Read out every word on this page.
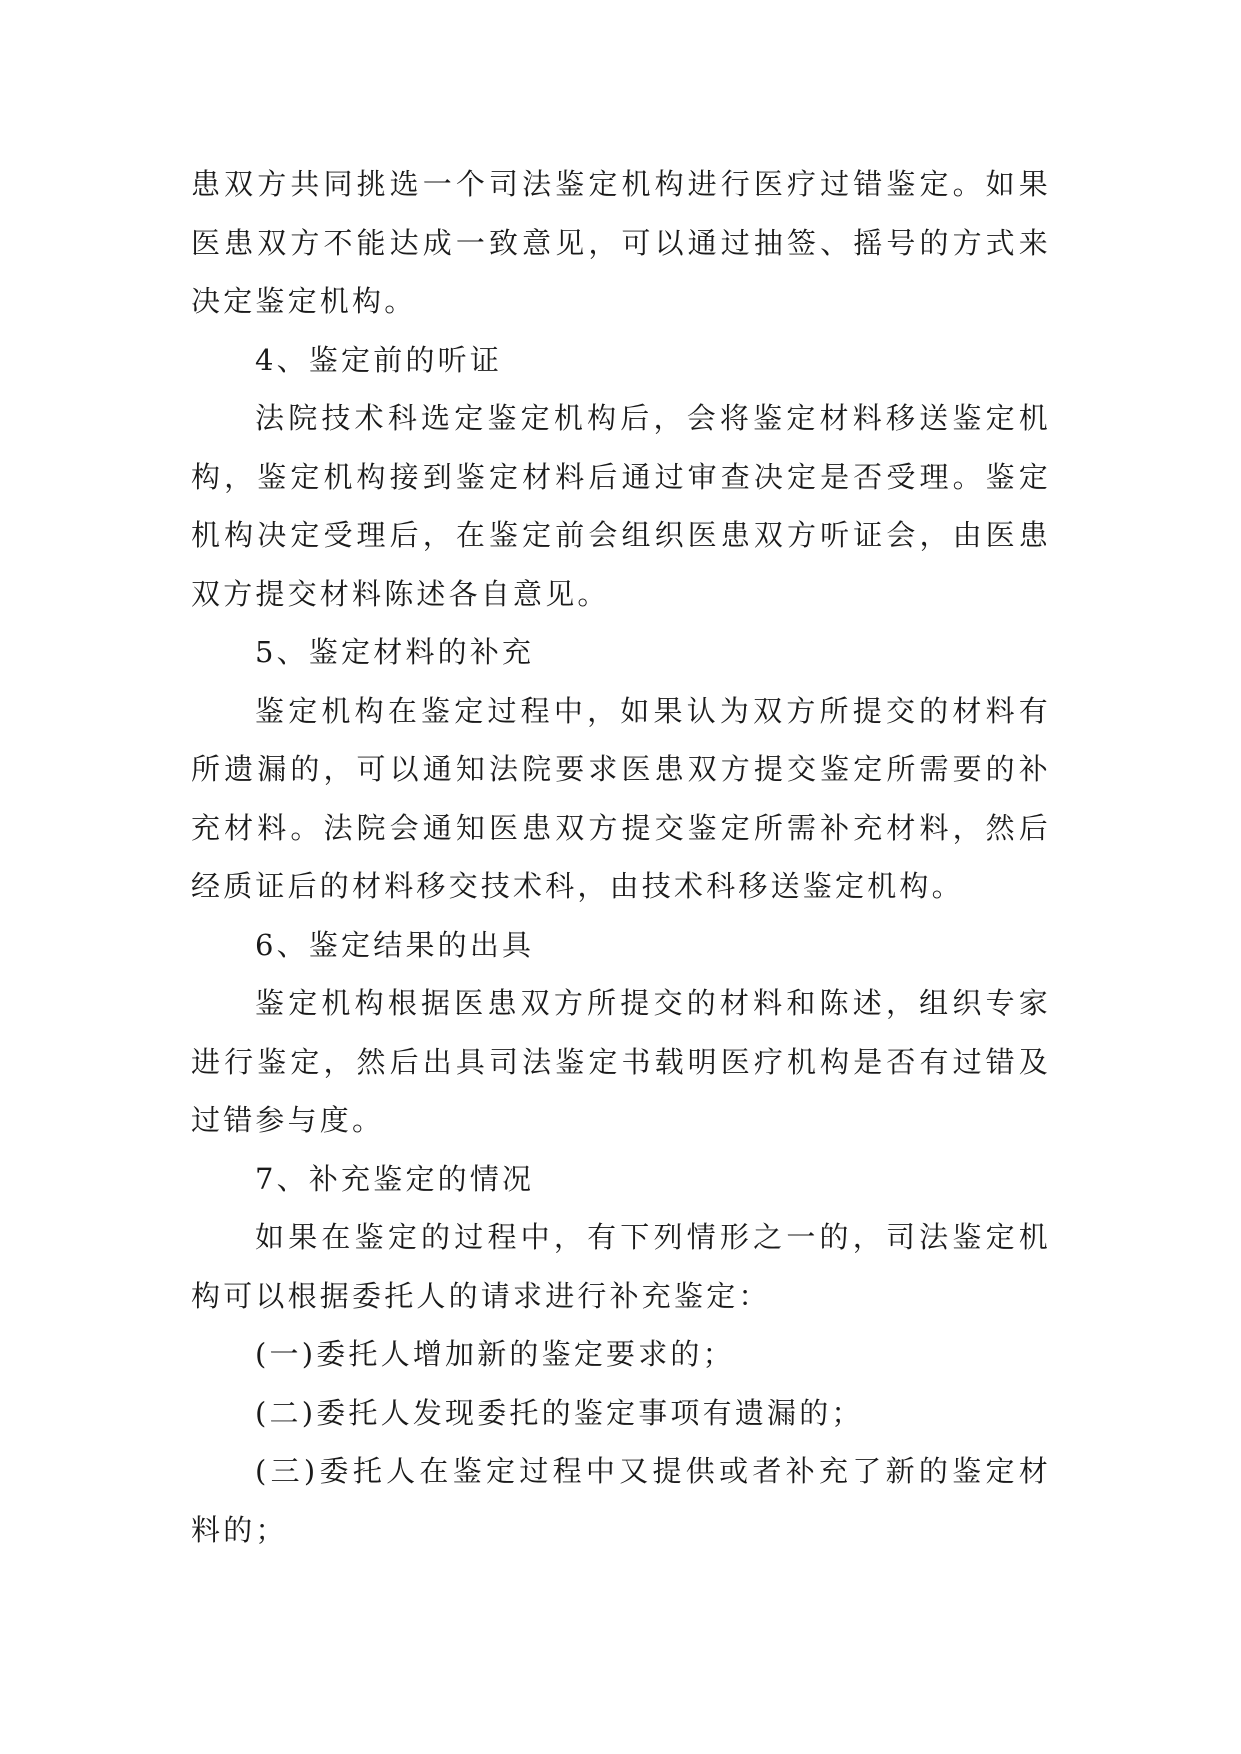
患双方共同挑选一个司法鉴定机构进行医疗过错鉴定。如果医患双方不能达成一致意见，可以通过抽签、摇号的方式来决定鉴定机构。

4、鉴定前的听证

法院技术科选定鉴定机构后，会将鉴定材料移送鉴定机构，鉴定机构接到鉴定材料后通过审查决定是否受理。鉴定机构决定受理后，在鉴定前会组织医患双方听证会，由医患双方提交材料陈述各自意见。

5、鉴定材料的补充

鉴定机构在鉴定过程中，如果认为双方所提交的材料有所遗漏的，可以通知法院要求医患双方提交鉴定所需要的补充材料。法院会通知医患双方提交鉴定所需补充材料，然后经质证后的材料移交技术科，由技术科移送鉴定机构。

6、鉴定结果的出具

鉴定机构根据医患双方所提交的材料和陈述，组织专家进行鉴定，然后出具司法鉴定书载明医疗机构是否有过错及过错参与度。

7、补充鉴定的情况

如果在鉴定的过程中，有下列情形之一的，司法鉴定机构可以根据委托人的请求进行补充鉴定：

(一)委托人增加新的鉴定要求的；

(二)委托人发现委托的鉴定事项有遗漏的；

(三)委托人在鉴定过程中又提供或者补充了新的鉴定材料的；
